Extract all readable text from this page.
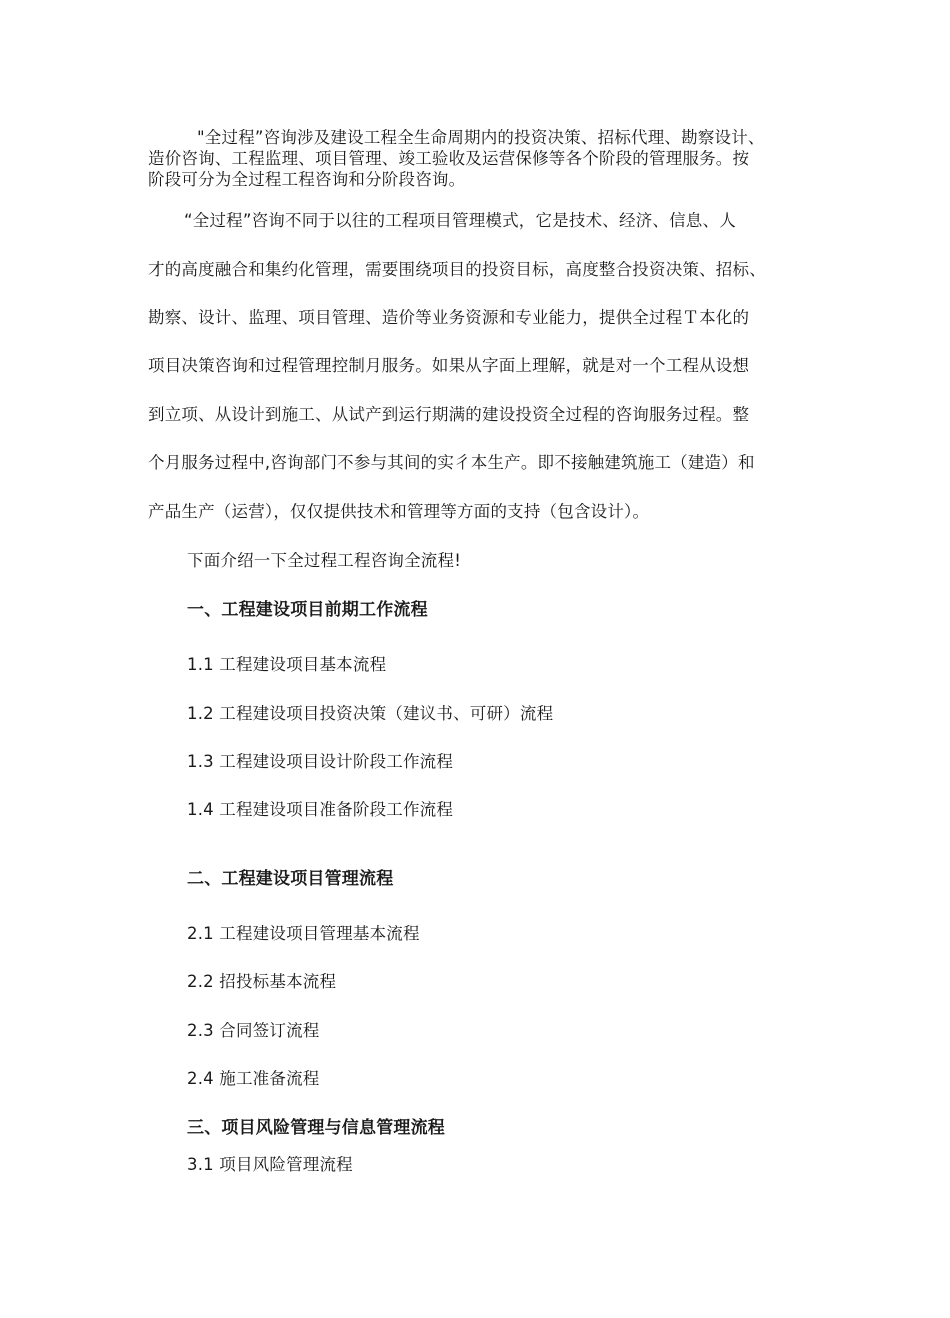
"全过程”咨询涉及建设工程全生命周期内的投资决策、招标代理、勘察设计、
造价咨询、工程监理、项目管理、竣工验收及运营保修等各个阶段的管理服务。按
阶段可分为全过程工程咨询和分阶段咨询。
“全过程”咨询不同于以往的工程项目管理模式，它是技术、经济、信息、人
才的高度融合和集约化管理，需要围绕项目的投资目标，高度整合投资决策、招标、
勘察、设计、监理、项目管理、造价等业务资源和专业能力，提供全过程Ｔ本化的
项目决策咨询和过程管理控制月服务。如果从字面上理解，就是对一个工程从设想
到立项、从设计到施工、从试产到运行期满的建设投资全过程的咨询服务过程。整
个月服务过程中,咨询部门不参与其间的实彳本生产。即不接触建筑施工（建造）和
产品生产（运营），仅仅提供技术和管理等方面的支持（包含设计）。
下面介绍一下全过程工程咨询全流程!
一、工程建设项目前期工作流程
1.1 工程建设项目基本流程
1.2 工程建设项目投资决策（建议书、可研）流程
1.3 工程建设项目设计阶段工作流程
1.4 工程建设项目准备阶段工作流程
二、工程建设项目管理流程
2.1 工程建设项目管理基本流程
2.2 招投标基本流程
2.3 合同签订流程
2.4 施工准备流程
三、项目风险管理与信息管理流程
3.1 项目风险管理流程
